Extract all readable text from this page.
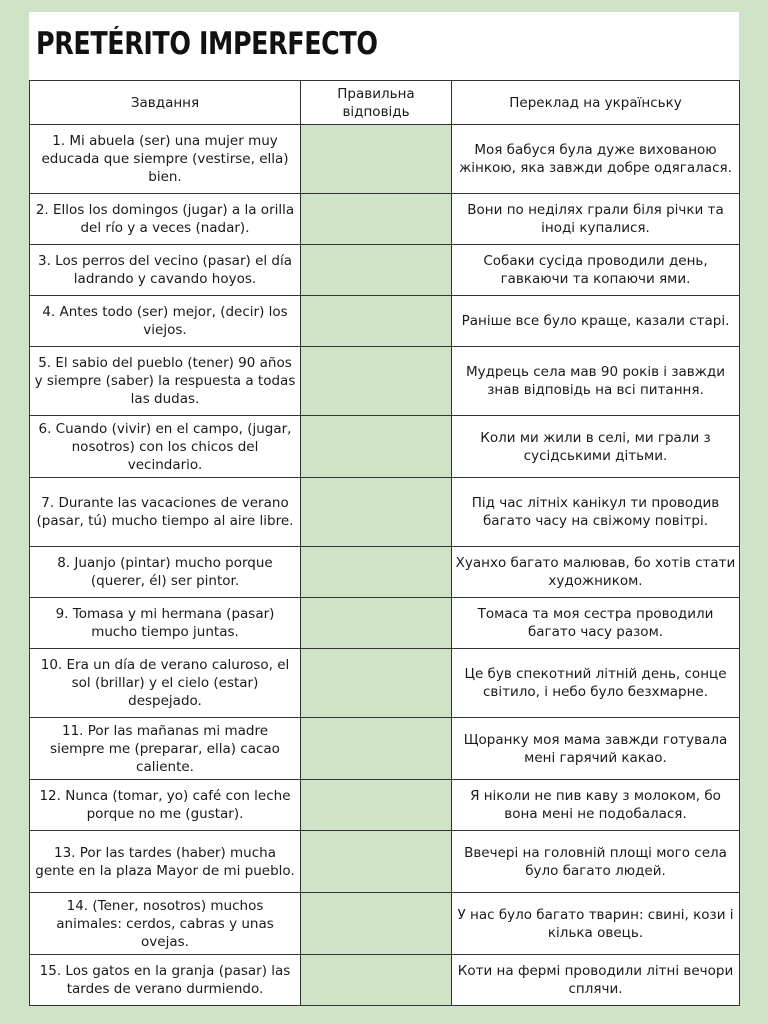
PRETÉRITO IMPERFECTO
Завдання	Правильна відповідь	Переклад на українську
1. Mi abuela (ser) una mujer muy educada que siempre (vestirse, ella) bien.		Моя бабуся була дуже вихованою жінкою, яка завжди добре одягалася.
2. Ellos los domingos (jugar) a la orilla del río y a veces (nadar).		Вони по неділях грали біля річки та іноді купалися.
3. Los perros del vecino (pasar) el día ladrando y cavando hoyos.		Собаки сусіда проводили день, гавкаючи та копаючи ями.
4. Antes todo (ser) mejor, (decir) los viejos.		Раніше все було краще, казали старі.
5. El sabio del pueblo (tener) 90 años y siempre (saber) la respuesta a todas las dudas.		Мудрець села мав 90 років і завжди знав відповідь на всі питання.
6. Cuando (vivir) en el campo, (jugar, nosotros) con los chicos del vecindario.		Коли ми жили в селі, ми грали з сусідськими дітьми.
7. Durante las vacaciones de verano (pasar, tú) mucho tiempo al aire libre.		Під час літніх канікул ти проводив багато часу на свіжому повітрі.
8. Juanjo (pintar) mucho porque (querer, él) ser pintor.		Хуанхо багато малював, бо хотів стати художником.
9. Tomasa y mi hermana (pasar) mucho tiempo juntas.		Томаса та моя сестра проводили багато часу разом.
10. Era un día de verano caluroso, el sol (brillar) y el cielo (estar) despejado.		Це був спекотний літній день, сонце світило, і небо було безхмарне.
11. Por las mañanas mi madre siempre me (preparar, ella) cacao caliente.		Щоранку моя мама завжди готувала мені гарячий какао.
12. Nunca (tomar, yo) café con leche porque no me (gustar).		Я ніколи не пив каву з молоком, бо вона мені не подобалася.
13. Por las tardes (haber) mucha gente en la plaza Mayor de mi pueblo.		Ввечері на головній площі мого села було багато людей.
14. (Tener, nosotros) muchos animales: cerdos, cabras y unas ovejas.		У нас було багато тварин: свині, кози і кілька овець.
15. Los gatos en la granja (pasar) las tardes de verano durmiendo.		Коти на фермі проводили літні вечори сплячи.
